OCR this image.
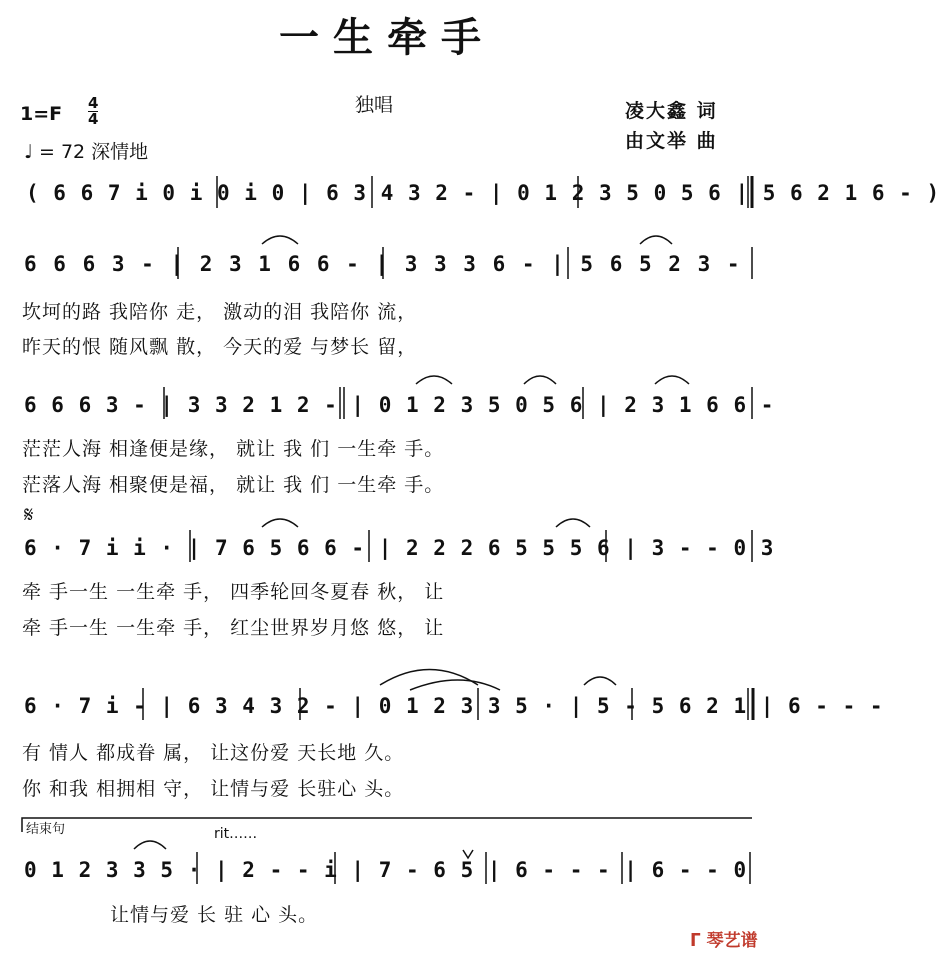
一生牵手
独唱
1=F 4
4
♩ = 72 深情地
凌大鑫 词
由文举 曲
( 6 6 7 i 0 i 0 i 0 | 6 3 4 3 2 - | 0 1 2 3 5 0 5 6 | 5 6 2 1 6 - )
6 6 6 3 - | 2 3 1 6 6 - | 3 3 3 6 - | 5 6 5 2 3 -
坎坷的路 我陪你 走， 激动的泪 我陪你 流，
昨天的恨 随风飘 散， 今天的爱 与梦长 留，
6 6 6 3 - | 3 3 2 1 2 - | 0 1 2 3 5 0 5 6 | 2 3 1 6 6 -
茫茫人海 相逢便是缘， 就让 我 们 一生牵 手。
茫落人海 相聚便是福， 就让 我 们 一生牵 手。
𝄋
6 · 7 i i · | 7 6 5 6 6 - | 2 2 2 6 5 5 5 6 | 3 - - 0 3
牵 手一生 一生牵 手， 四季轮回冬夏春 秋， 让
牵 手一生 一生牵 手， 红尘世界岁月悠 悠， 让
6 · 7 i - | 6 3 4 3 2 - | 0 1 2 3 3 5 · | 5 - 5 6 2 1 | 6 - - -
有 情人 都成眷 属， 让这份爱 天长地 久。
你 和我 相拥相 守， 让情与爱 长驻心 头。
结束句	rit……
0 1 2 3 3 5 · | 2 - - i | 7 - 6 5 | 6 - - - | 6 - - 0
让情与爱 长 驻 心 头。
ᒥ 琴艺谱
